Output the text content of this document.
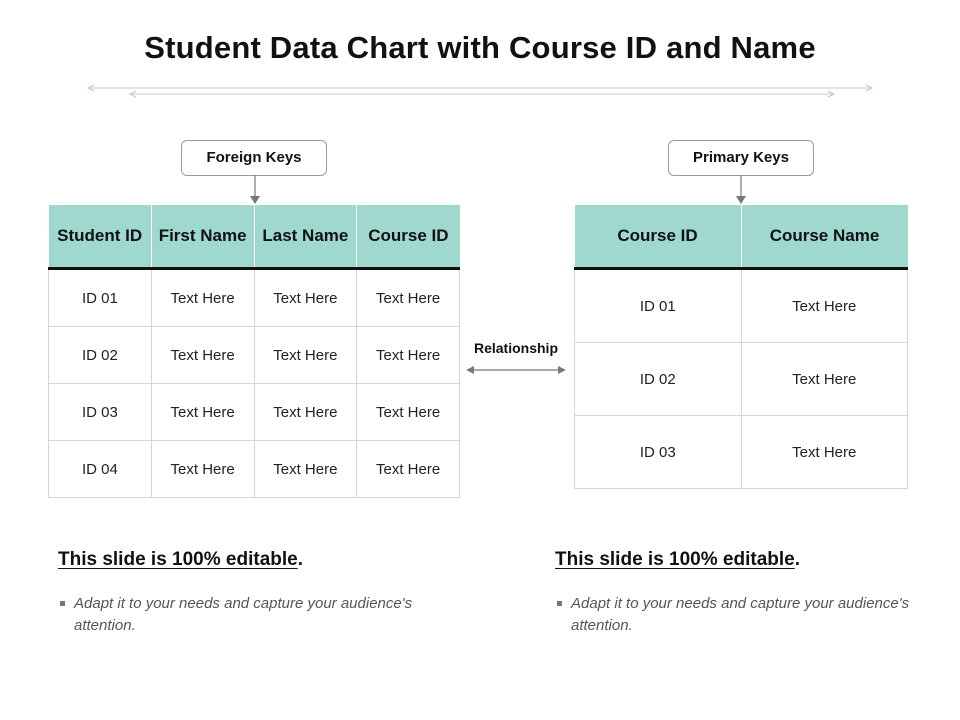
Student Data Chart with Course ID and Name
Foreign Keys	Primary Keys
Student ID	First Name	Last Name	Course ID
ID 01	Text Here	Text Here	Text Here
ID 02	Text Here	Text Here	Text Here
ID 03	Text Here	Text Here	Text Here
ID 04	Text Here	Text Here	Text Here
Relationship
Course ID	Course Name
ID 01	Text Here
ID 02	Text Here
ID 03	Text Here
This slide is 100% editable.
Adapt it to your needs and capture your audience's attention.
This slide is 100% editable.
Adapt it to your needs and capture your audience's attention.
